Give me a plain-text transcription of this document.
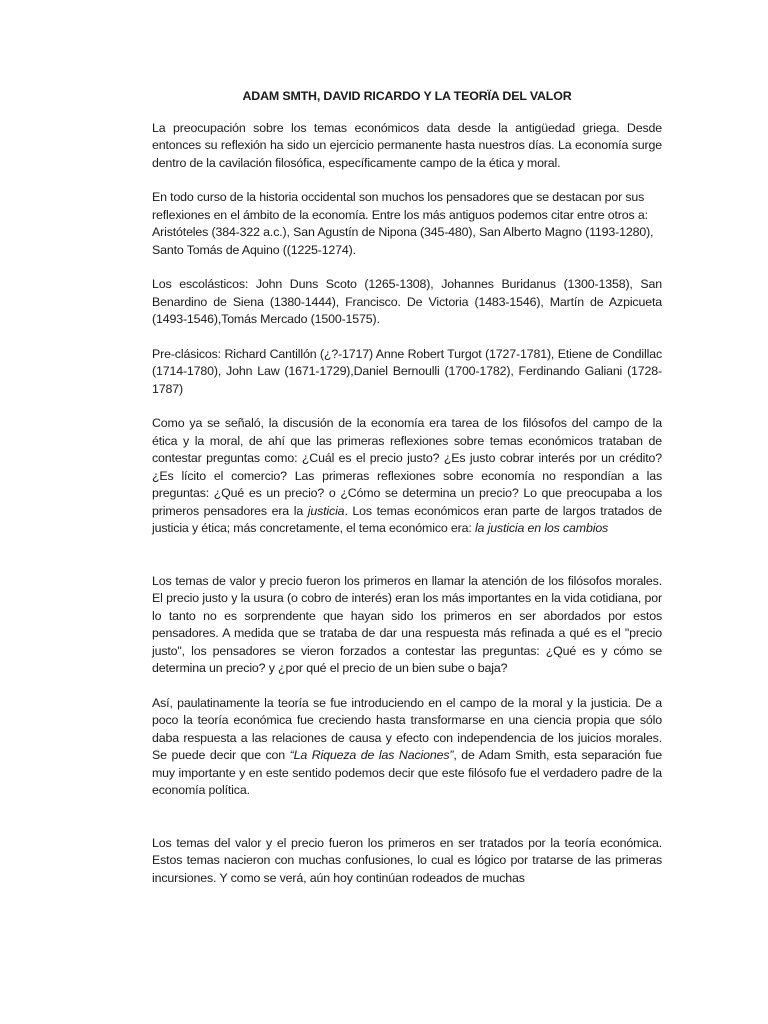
ADAM SMTH, DAVID RICARDO Y LA TEORÏA DEL VALOR

La preocupación sobre los temas económicos data desde la antigüedad griega. Desde entonces su reflexión ha sido un ejercicio permanente hasta nuestros días. La economía surge dentro de la cavilación filosófica, específicamente campo de la ética y moral.

En todo curso de la historia occidental son muchos los pensadores que se destacan por sus reflexiones en el ámbito de la economía. Entre los más antiguos podemos citar entre otros a:

Aristóteles (384-322 a.c.), San Agustín de Nipona (345-480), San Alberto Magno (1193-1280), Santo Tomás de Aquino ((1225-1274).

Los escolásticos: John Duns Scoto (1265-1308), Johannes Buridanus (1300-1358), San Benardino de Siena (1380-1444), Francisco. De Victoria (1483-1546), Martín de Azpicueta (1493-1546),Tomás Mercado (1500-1575).

Pre-clásicos: Richard Cantillón (¿?-1717) Anne Robert Turgot (1727-1781), Etiene de Condillac (1714-1780), John Law (1671-1729),Daniel Bernoulli (1700-1782), Ferdinando Galiani (1728-1787)

Como ya se señaló, la discusión de la economía era tarea de los filósofos del campo de la ética y la moral, de ahí que las primeras reflexiones sobre temas económicos trataban de contestar preguntas como: ¿Cuál es el precio justo? ¿Es justo cobrar interés por un crédito? ¿Es lícito el comercio? Las primeras reflexiones sobre economía no respondían a las preguntas: ¿Qué es un precio? o ¿Cómo se determina un precio? Lo que preocupaba a los primeros pensadores era la justicia. Los temas económicos eran parte de largos tratados de justicia y ética; más concretamente, el tema económico era: la justicia en los cambios

Los temas de valor y precio fueron los primeros en llamar la atención de los filósofos morales. El precio justo y la usura (o cobro de interés) eran los más importantes en la vida cotidiana, por lo tanto no es sorprendente que hayan sido los primeros en ser abordados por estos pensadores. A medida que se trataba de dar una respuesta más refinada a qué es el "precio justo", los pensadores se vieron forzados a contestar las preguntas: ¿Qué es y cómo se determina un precio? y ¿por qué el precio de un bien sube o baja?

Así, paulatinamente la teoría se fue introduciendo en el campo de la moral y la justicia. De a poco la teoría económica fue creciendo hasta transformarse en una ciencia propia que sólo daba respuesta a las relaciones de causa y efecto con independencia de los juicios morales. Se puede decir que con “La Riqueza de las Naciones”, de Adam Smith, esta separación fue muy importante y en este sentido podemos decir que este filósofo fue el verdadero padre de la economía política.

Los temas del valor y el precio fueron los primeros en ser tratados por la teoría económica. Estos temas nacieron con muchas confusiones, lo cual es lógico por tratarse de las primeras incursiones. Y como se verá, aún hoy continúan rodeados de muchas
